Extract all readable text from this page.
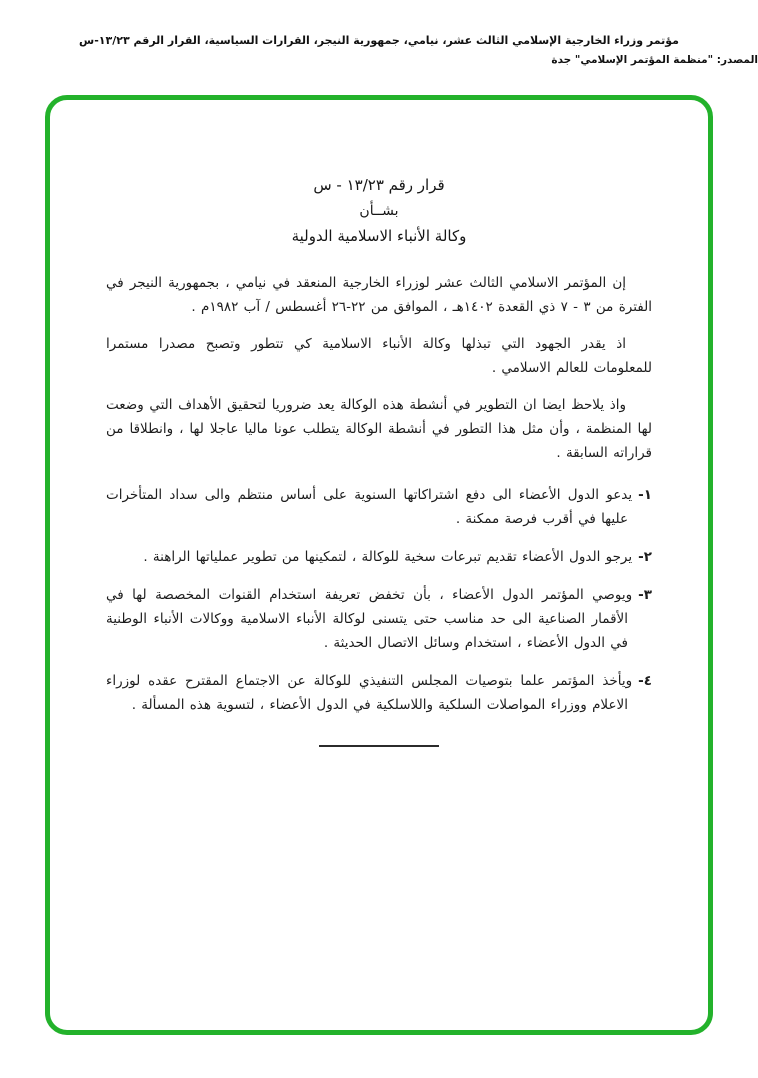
مؤتمر وزراء الخارجية الإسلامي الثالث عشر، نيامي، جمهورية النيجر، القرارات السياسية، القرار الرقم ١٣/٢٣-س
المصدر: "منظمة المؤتمر الإسلامي" جدة
قرار رقم ١٣/٢٣ - س
بشــأن
وكالة الأنباء الاسلامية الدولية

إن المؤتمر الاسلامي الثالث عشر لوزراء الخارجية المنعقد في نيامي ، بجمهورية النيجر في الفترة من ٣ - ٧ ذي القعدة ١٤٠٢هـ ، الموافق من ٢٢-٢٦ أغسطس / آب ١٩٨٢م .

اذ يقدر الجهود التي تبذلها وكالة الأنباء الاسلامية كي تتطور وتصبح مصدرا مستمرا للمعلومات للعالم الاسلامي .

واذ يلاحظ ايضا ان التطوير في أنشطة هذه الوكالة يعد ضروريا لتحقيق الأهداف التي وضعت لها المنظمة ، وأن مثل هذا التطور في أنشطة الوكالة يتطلب عونا ماليا عاجلا لها ، وانطلاقا من قراراته السابقة .

١-يدعو الدول الأعضاء الى دفع اشتراكاتها السنوية على أساس منتظم والى سداد المتأخرات عليها في أقرب فرصة ممكنة .
٢-يرجو الدول الأعضاء تقديم تبرعات سخية للوكالة ، لتمكينها من تطوير عملياتها الراهنة .
٣-ويوصي المؤتمر الدول الأعضاء ، بأن تخفض تعريفة استخدام القنوات المخصصة لها في الأقمار الصناعية الى حد مناسب حتى يتسنى لوكالة الأنباء الاسلامية ووكالات الأنباء الوطنية في الدول الأعضاء ، استخدام وسائل الاتصال الحديثة .
٤-ويأخذ المؤتمر علما بتوصيات المجلس التنفيذي للوكالة عن الاجتماع المقترح عقده لوزراء الاعلام ووزراء المواصلات السلكية واللاسلكية في الدول الأعضاء ، لتسوية هذه المسألة .
